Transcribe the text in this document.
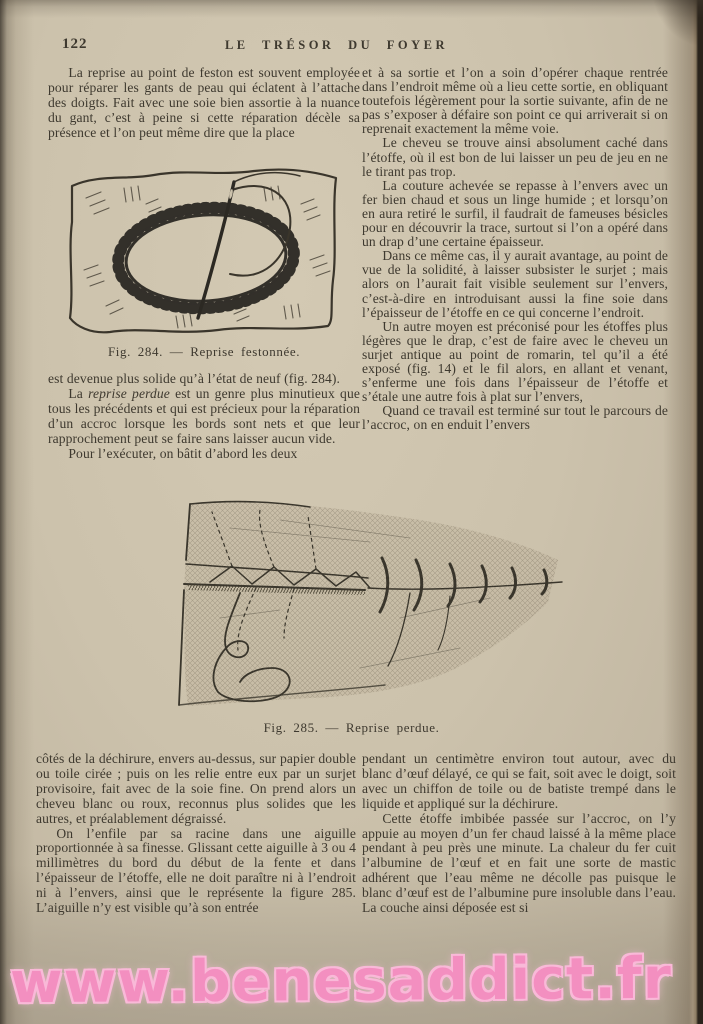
122	LE TRÉSOR DU FOYER

La reprise au point de feston est souvent employée pour réparer les gants de peau qui éclatent à l’attache des doigts. Fait avec une soie bien assortie à la nuance du gant, c’est à peine si cette réparation décèle sa présence et l’on peut même dire que la place

Fig. 284. — Reprise festonnée.

est devenue plus solide qu’à l’état de neuf (fig. 284).

La reprise perdue est un genre plus minutieux que tous les précédents et qui est précieux pour la réparation d’un accroc lorsque les bords sont nets et que leur rapprochement peut se faire sans laisser aucun vide.

Pour l’exécuter, on bâtit d’abord les deux

et à sa sortie et l’on a soin d’opérer chaque rentrée dans l’endroit même où a lieu cette sortie, en obliquant toutefois légèrement pour la sortie suivante, afin de ne pas s’exposer à défaire son point ce qui arriverait si on reprenait exactement la même voie.

Le cheveu se trouve ainsi absolument caché dans l’étoffe, où il est bon de lui laisser un peu de jeu en ne le tirant pas trop.

La couture achevée se repasse à l’envers avec un fer bien chaud et sous un linge humide ; et lorsqu’on en aura retiré le surfil, il faudrait de fameuses bésicles pour en découvrir la trace, surtout si l’on a opéré dans un drap d’une certaine épaisseur.

Dans ce même cas, il y aurait avantage, au point de vue de la solidité, à laisser subsister le surjet ; mais alors on l’aurait fait visible seulement sur l’envers, c’est-à-dire en introduisant aussi la fine soie dans l’épaisseur de l’étoffe en ce qui concerne l’endroit.

Un autre moyen est préconisé pour les étoffes plus légères que le drap, c’est de faire avec le cheveu un surjet antique au point de romarin, tel qu’il a été exposé (fig. 14) et le fil alors, en allant et venant, s’enferme une fois dans l’épaisseur de l’étoffe et s’étale une autre fois à plat sur l’envers,

Quand ce travail est terminé sur tout le parcours de l’accroc, on en enduit l’envers

Fig. 285. — Reprise perdue.

côtés de la déchirure, envers au-dessus, sur papier double ou toile cirée ; puis on les relie entre eux par un surjet provisoire, fait avec de la soie fine. On prend alors un cheveu blanc ou roux, reconnus plus solides que les autres, et préalablement dégraissé.

On l’enfile par sa racine dans une aiguille proportionnée à sa finesse. Glissant cette aiguille à 3 ou 4 millimètres du bord du début de la fente et dans l’épaisseur de l’étoffe, elle ne doit paraître ni à l’endroit ni à l’envers, ainsi que le représente la figure 285. L’aiguille n’y est visible qu’à son entrée

pendant un centimètre environ tout autour, avec du blanc d’œuf délayé, ce qui se fait, soit avec le doigt, soit avec un chiffon de toile ou de batiste trempé dans le liquide et appliqué sur la déchirure.

Cette étoffe imbibée passée sur l’accroc, on l’y appuie au moyen d’un fer chaud laissé à la même place pendant à peu près une minute. La chaleur du fer cuit l’albumine de l’œuf et en fait une sorte de mastic adhérent que l’eau même ne décolle pas puisque le blanc d’œuf est de l’albumine pure insoluble dans l’eau. La couche ainsi déposée est si

www.benesaddict.fr
